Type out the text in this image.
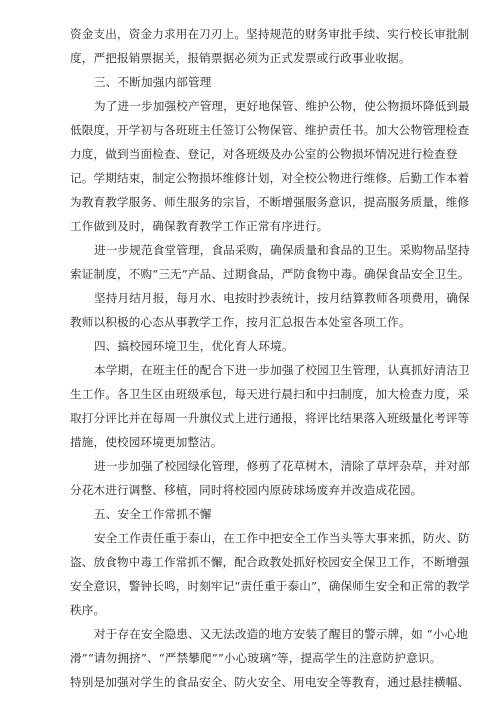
资金支出，资金力求用在刀刃上。坚持规范的财务审批手续、实行校长审批制
度，严把报销票据关，报销票据必须为正式发票或行政事业收据。
三、不断加强内部管理
为了进一步加强校产管理，更好地保管、维护公物，使公物损坏降低到最
低限度，开学初与各班班主任签订公物保管、维护责任书。加大公物管理检查
力度，做到当面检查、登记，对各班级及办公室的公物损坏情况进行检查登
记。学期结束，制定公物损坏维修计划，对全校公物进行维修。后勤工作本着
为教育教学服务、师生服务的宗旨，不断增强服务意识，提高服务质量，维修
工作做到及时，确保教育教学工作正常有序进行。
进一步规范食堂管理，食品采购，确保质量和食品的卫生。采购物品坚持
索证制度，不购“三无”产品、过期食品，严防食物中毒。确保食品安全卫生。
坚持月结月报，每月水、电按时抄表统计，按月结算教师各项费用，确保
教师以积极的心态从事教学工作，按月汇总报告本处室各项工作。
四、搞校园环境卫生，优化育人环境。
本学期，在班主任的配合下进一步加强了校园卫生管理，认真抓好清洁卫
生工作。各卫生区由班级承包，每天进行晨扫和中扫制度，加大检查力度，采
取打分评比并在每周一升旗仪式上进行通报，将评比结果落入班级量化考评等
措施，使校园环境更加整洁。
进一步加强了校园绿化管理，修剪了花草树木，清除了草坪杂草，并对部
分花木进行调整、移植，同时将校园内原砖球场废弃并改造成花园。
五、安全工作常抓不懈
安全工作责任重于泰山，在工作中把安全工作当头等大事来抓，防火、防
盗、放食物中毒工作常抓不懈，配合政教处抓好校园安全保卫工作，不断增强
安全意识，警钟长鸣，时刻牢记“责任重于泰山”，确保师生安全和正常的教学
秩序。
对于存在安全隐患、又无法改造的地方安装了醒目的警示牌，如 “小心地
滑”“请勿拥挤”、“严禁攀爬””小心玻璃”等，提高学生的注意防护意识。
特别是加强对学生的食品安全、防火安全、用电安全等教育，通过悬挂横幅、
